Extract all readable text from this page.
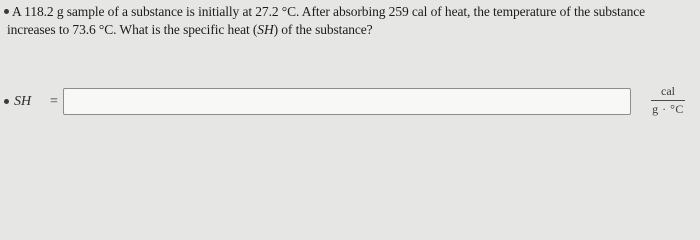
A 118.2 g sample of a substance is initially at 27.2 °C. After absorbing 259 cal of heat, the temperature of the substance
increases to 73.6 °C. What is the specific heat (SH) of the substance?
SH =
cal
g · °C
